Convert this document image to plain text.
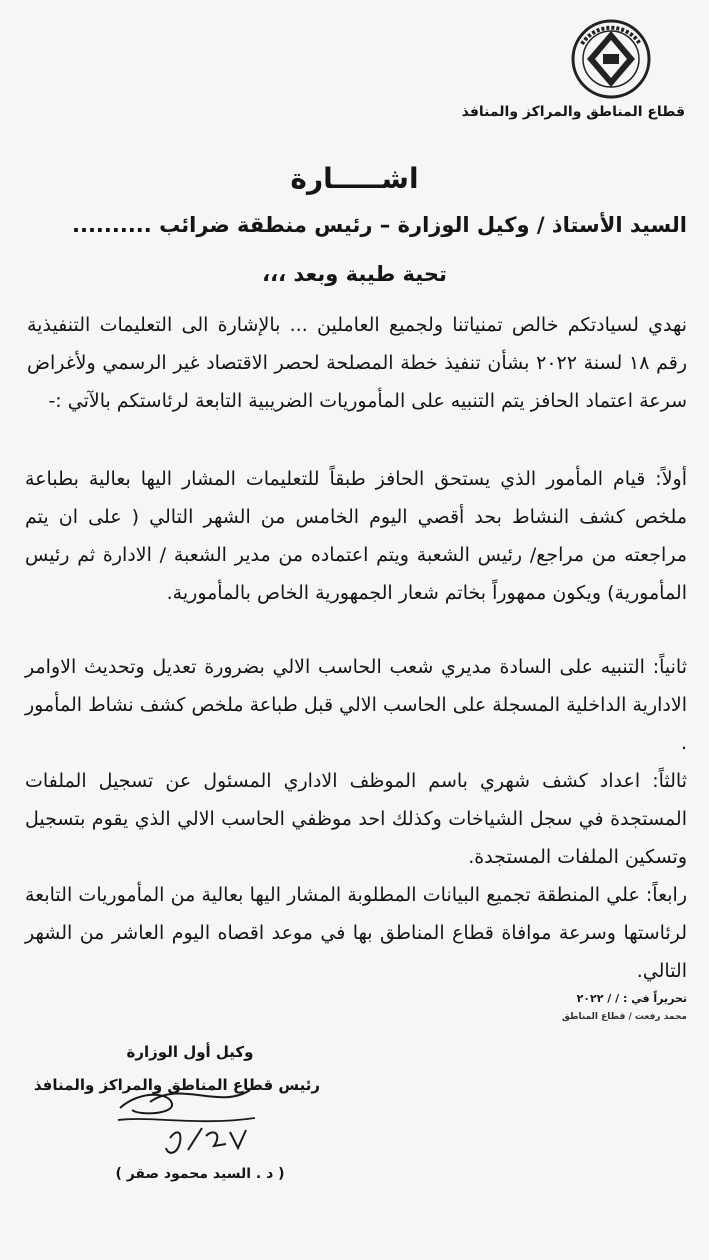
قطاع المناطق والمراكز والمنافذ
اشـــــارة
السيد الأستاذ / وكيل الوزارة – رئيس منطقة ضرائب ..........
تحية طيبة وبعد ،،،
نهدي لسيادتكم خالص تمنياتنا ولجميع العاملين ... بالإشارة الى التعليمات التنفيذية رقم ١٨ لسنة ٢٠٢٢ بشأن تنفيذ خطة المصلحة لحصر الاقتصاد غير الرسمي ولأغراض سرعة اعتماد الحافز يتم التنبيه على المأموريات الضريبية التابعة لرئاستكم بالآتي :-
أولاً: قيام المأمور الذي يستحق الحافز طبقاً للتعليمات المشار اليها بعالية بطباعة ملخص كشف النشاط بحد أقصي اليوم الخامس من الشهر التالي ( على ان يتم مراجعته من مراجع/ رئيس الشعبة ويتم اعتماده من مدير الشعبة / الادارة ثم رئيس المأمورية) ويكون ممهوراً بخاتم شعار الجمهورية الخاص بالمأمورية.
ثانياً: التنبيه على السادة مديري شعب الحاسب الالي بضرورة تعديل وتحديث الاوامر الادارية الداخلية المسجلة على الحاسب الالي قبل طباعة ملخص كشف نشاط المأمور .
ثالثاً: اعداد كشف شهري باسم الموظف الاداري المسئول عن تسجيل الملفات المستجدة في سجل الشياخات وكذلك احد موظفي الحاسب الالي الذي يقوم بتسجيل وتسكين الملفات المستجدة.
رابعاً: علي المنطقة تجميع البيانات المطلوبة المشار اليها بعالية من المأموريات التابعة لرئاستها وسرعة موافاة قطاع المناطق بها في موعد اقصاه اليوم العاشر من الشهر التالي.
تحريراً في : / / ٢٠٢٢
محمد رفعت / قطاع المناطق
وكيل أول الوزارة
رئيس قطاع المناطق والمراكز والمنافذ
( د . السيد محمود صقر )
